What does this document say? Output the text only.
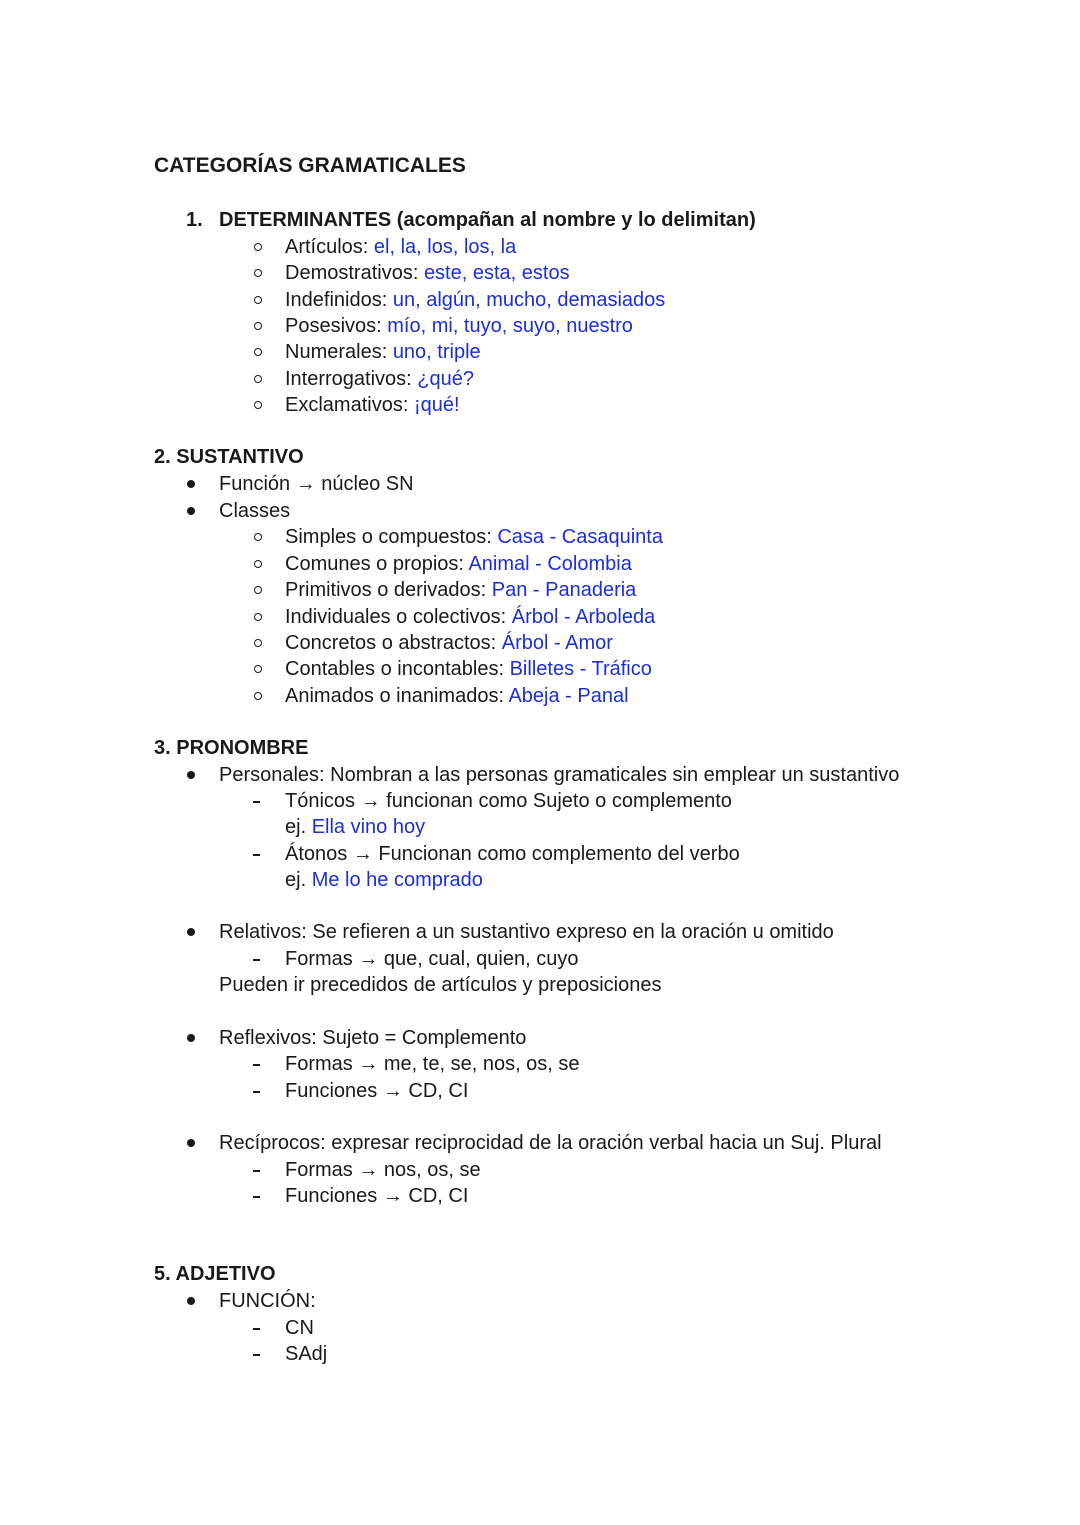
CATEGORÍAS GRAMATICALES
1. DETERMINANTES (acompañan al nombre y lo delimitan)
Artículos: el, la, los, los, la
Demostrativos: este, esta, estos
Indefinidos: un, algún, mucho, demasiados
Posesivos: mío, mi, tuyo, suyo, nuestro
Numerales: uno, triple
Interrogativos: ¿qué?
Exclamativos: ¡qué!
2. SUSTANTIVO
Función → núcleo SN
Classes
Simples o compuestos: Casa - Casaquinta
Comunes o propios: Animal - Colombia
Primitivos o derivados: Pan - Panaderia
Individuales o colectivos: Árbol - Arboleda
Concretos o abstractos: Árbol - Amor
Contables o incontables: Billetes - Tráfico
Animados o inanimados: Abeja - Panal
3. PRONOMBRE
Personales: Nombran a las personas gramaticales sin emplear un sustantivo
Tónicos → funcionan como Sujeto o complemento
ej. Ella vino hoy
Átonos → Funcionan como complemento del verbo
ej. Me lo he comprado
Relativos: Se refieren a un sustantivo expreso en la oración u omitido
Formas → que, cual, quien, cuyo
Pueden ir precedidos de artículos y preposiciones
Reflexivos: Sujeto = Complemento
Formas → me, te, se, nos, os, se
Funciones → CD, CI
Recíprocos: expresar reciprocidad de la oración verbal hacia un Suj. Plural
Formas → nos, os, se
Funciones → CD, CI
5. ADJETIVO
FUNCIÓN:
CN
SAdj
